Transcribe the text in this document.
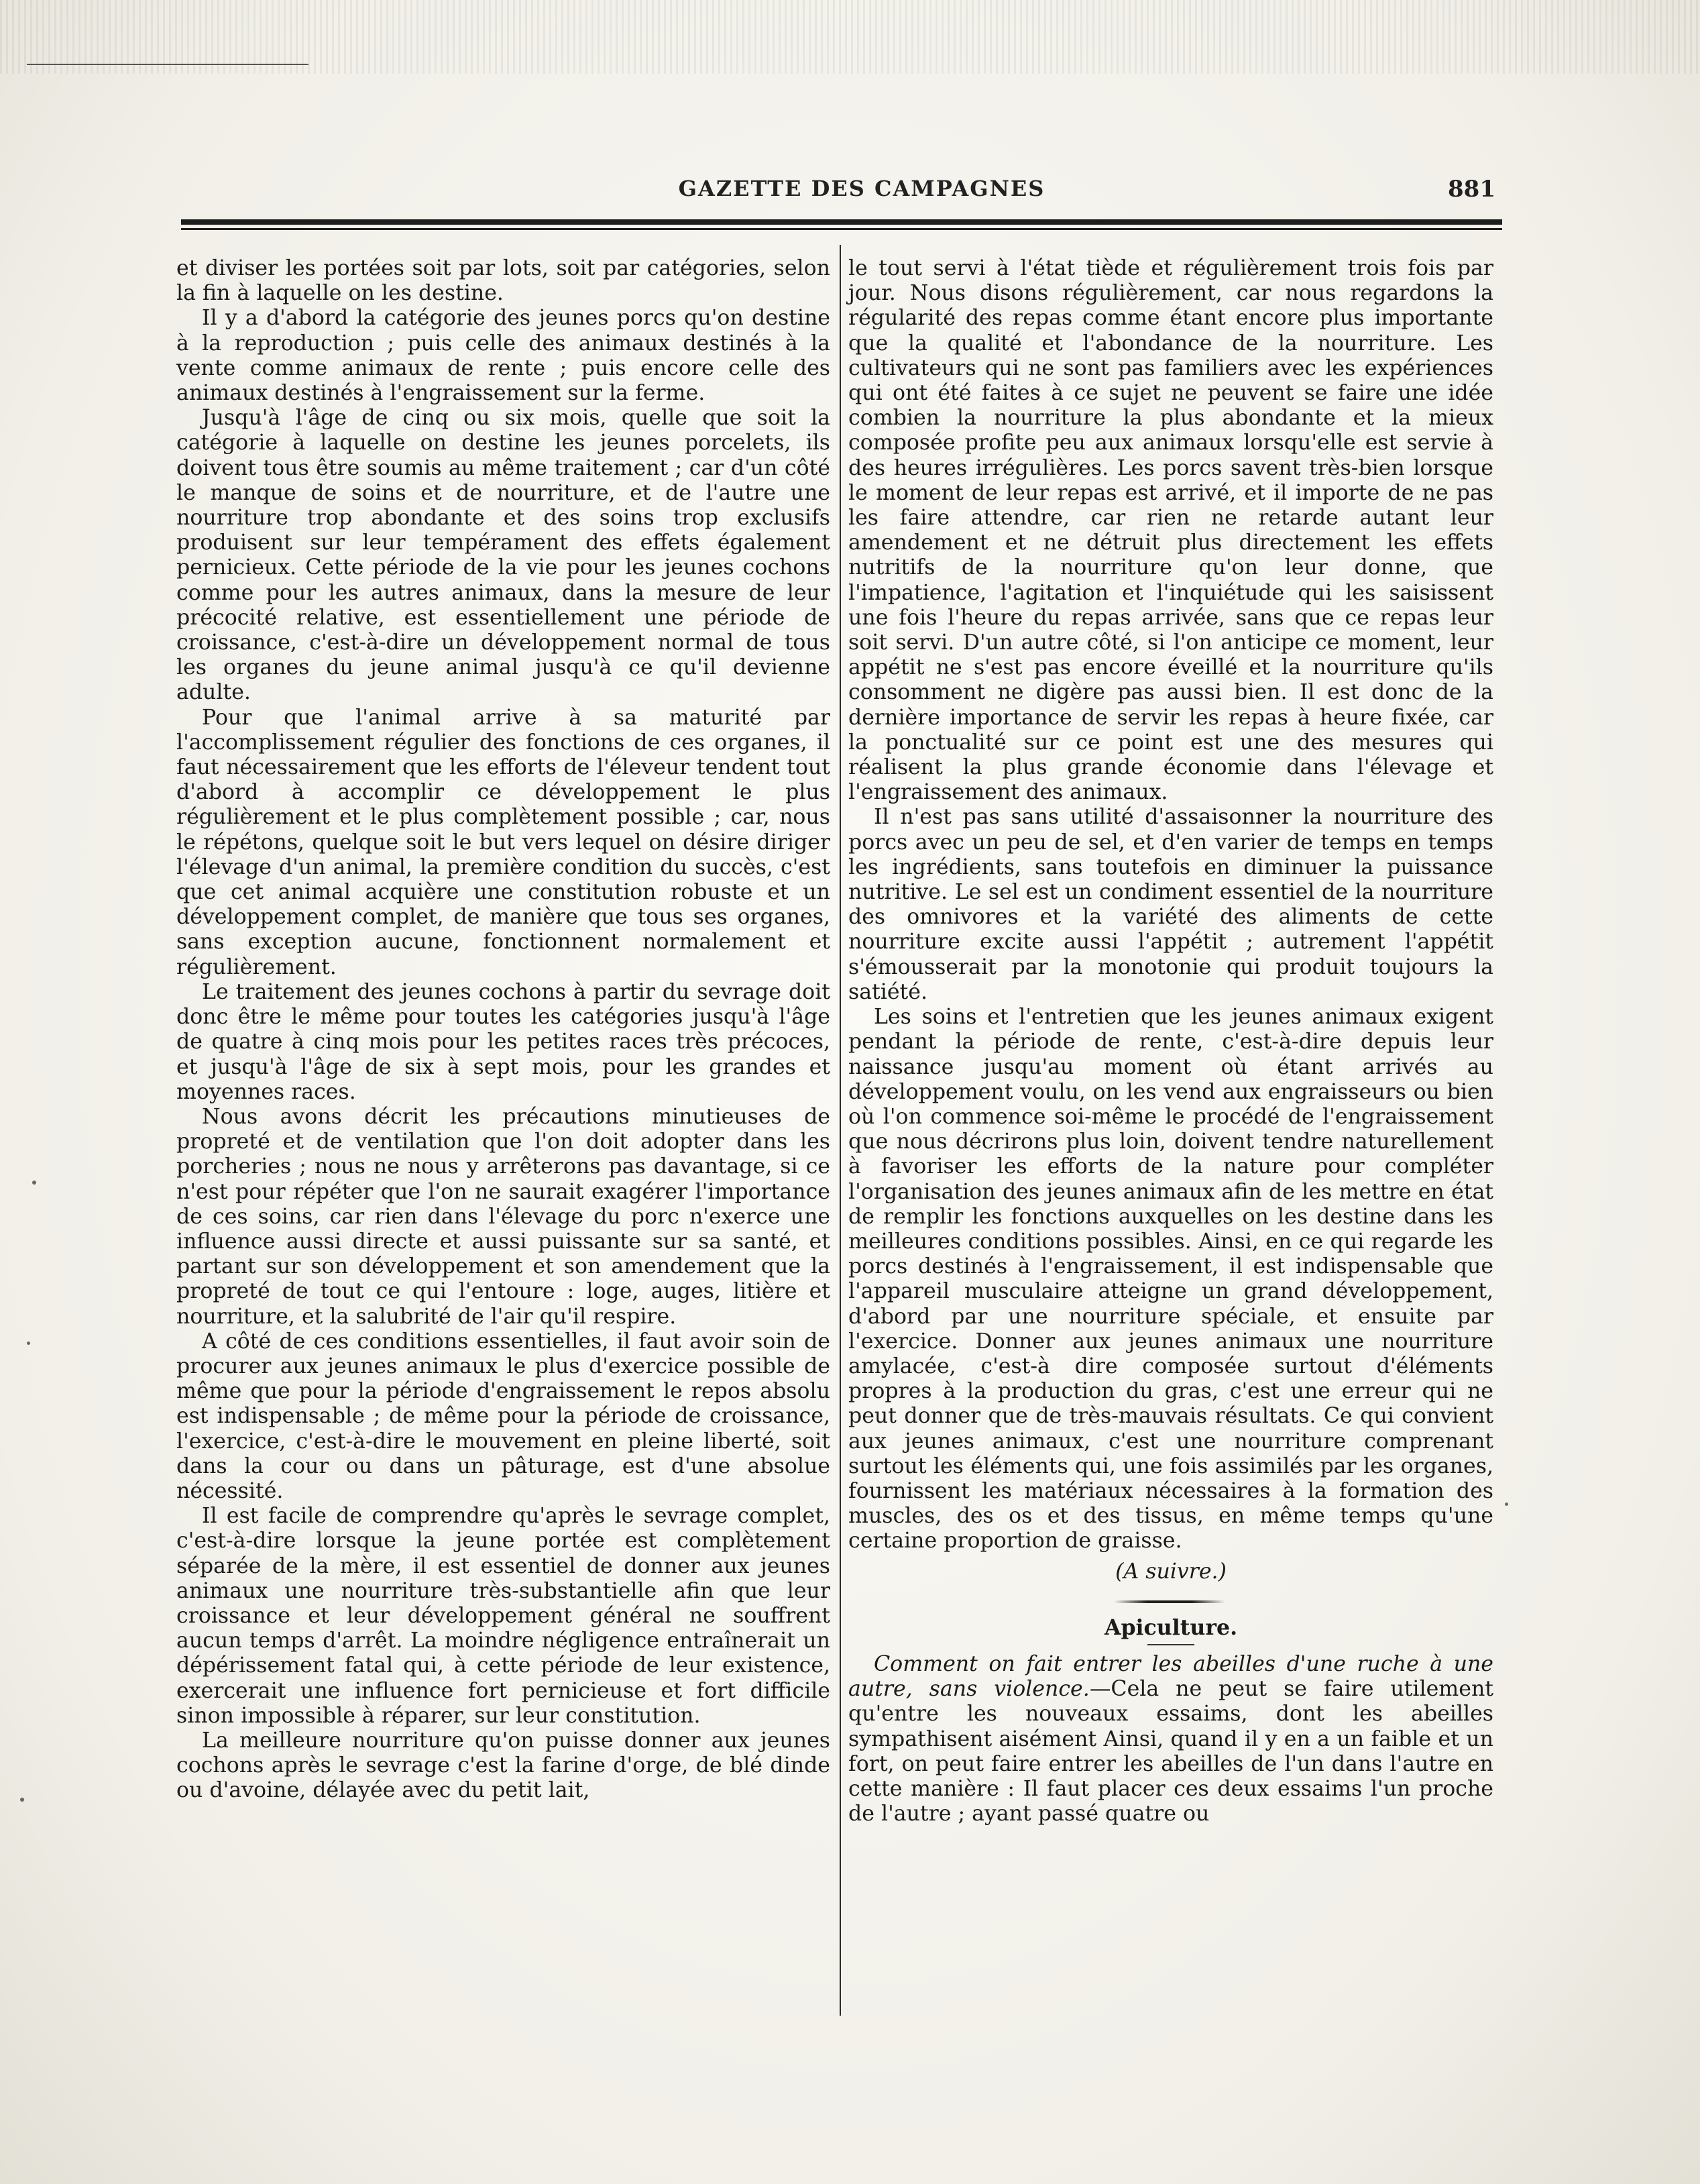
GAZETTE DES CAMPAGNES	881

et diviser les portées soit par lots, soit par catégories, selon la fin à laquelle on les destine.

Il y a d'abord la catégorie des jeunes porcs qu'on destine à la reproduction ; puis celle des animaux destinés à la vente comme animaux de rente ; puis encore celle des animaux destinés à l'engraissement sur la ferme.

Jusqu'à l'âge de cinq ou six mois, quelle que soit la catégorie à laquelle on destine les jeunes porcelets, ils doivent tous être soumis au même traitement ; car d'un côté le manque de soins et de nourriture, et de l'autre une nourriture trop abondante et des soins trop exclusifs produisent sur leur tempérament des effets également pernicieux. Cette période de la vie pour les jeunes cochons comme pour les autres animaux, dans la mesure de leur précocité relative, est essentiellement une période de croissance, c'est-à-dire un développement normal de tous les organes du jeune animal jusqu'à ce qu'il devienne adulte.

Pour que l'animal arrive à sa maturité par l'accomplissement régulier des fonctions de ces organes, il faut nécessairement que les efforts de l'éleveur tendent tout d'abord à accomplir ce développement le plus régulièrement et le plus complètement possible ; car, nous le répétons, quelque soit le but vers lequel on désire diriger l'élevage d'un animal, la première condition du succès, c'est que cet animal acquière une constitution robuste et un développement complet, de manière que tous ses organes, sans exception aucune, fonctionnent normalement et régulièrement.

Le traitement des jeunes cochons à partir du sevrage doit donc être le même pour toutes les catégories jusqu'à l'âge de quatre à cinq mois pour les petites races très précoces, et jusqu'à l'âge de six à sept mois, pour les grandes et moyennes races.

Nous avons décrit les précautions minutieuses de propreté et de ventilation que l'on doit adopter dans les porcheries ; nous ne nous y arrêterons pas davantage, si ce n'est pour répéter que l'on ne saurait exagérer l'importance de ces soins, car rien dans l'élevage du porc n'exerce une influence aussi directe et aussi puissante sur sa santé, et partant sur son développement et son amendement que la propreté de tout ce qui l'entoure : loge, auges, litière et nourriture, et la salubrité de l'air qu'il respire.

A côté de ces conditions essentielles, il faut avoir soin de procurer aux jeunes animaux le plus d'exercice possible de même que pour la période d'engraissement le repos absolu est indispensable ; de même pour la période de croissance, l'exercice, c'est-à-dire le mouvement en pleine liberté, soit dans la cour ou dans un pâturage, est d'une absolue nécessité.

Il est facile de comprendre qu'après le sevrage complet, c'est-à-dire lorsque la jeune portée est complètement séparée de la mère, il est essentiel de donner aux jeunes animaux une nourriture très-substantielle afin que leur croissance et leur développement général ne souffrent aucun temps d'arrêt. La moindre négligence entraînerait un dépérissement fatal qui, à cette période de leur existence, exercerait une influence fort pernicieuse et fort difficile sinon impossible à réparer, sur leur constitution.

La meilleure nourriture qu'on puisse donner aux jeunes cochons après le sevrage c'est la farine d'orge, de blé dinde ou d'avoine, délayée avec du petit lait,

le tout servi à l'état tiède et régulièrement trois fois par jour. Nous disons régulièrement, car nous regardons la régularité des repas comme étant encore plus importante que la qualité et l'abondance de la nourriture. Les cultivateurs qui ne sont pas familiers avec les expériences qui ont été faites à ce sujet ne peuvent se faire une idée combien la nourriture la plus abondante et la mieux composée profite peu aux animaux lorsqu'elle est servie à des heures irrégulières. Les porcs savent très-bien lorsque le moment de leur repas est arrivé, et il importe de ne pas les faire attendre, car rien ne retarde autant leur amendement et ne détruit plus directement les effets nutritifs de la nourriture qu'on leur donne, que l'impatience, l'agitation et l'inquiétude qui les saisissent une fois l'heure du repas arrivée, sans que ce repas leur soit servi. D'un autre côté, si l'on anticipe ce moment, leur appétit ne s'est pas encore éveillé et la nourriture qu'ils consomment ne digère pas aussi bien. Il est donc de la dernière importance de servir les repas à heure fixée, car la ponctualité sur ce point est une des mesures qui réalisent la plus grande économie dans l'élevage et l'engraissement des animaux.

Il n'est pas sans utilité d'assaisonner la nourriture des porcs avec un peu de sel, et d'en varier de temps en temps les ingrédients, sans toutefois en diminuer la puissance nutritive. Le sel est un condiment essentiel de la nourriture des omnivores et la variété des aliments de cette nourriture excite aussi l'appétit ; autrement l'appétit s'émousserait par la monotonie qui produit toujours la satiété.

Les soins et l'entretien que les jeunes animaux exigent pendant la période de rente, c'est-à-dire depuis leur naissance jusqu'au moment où étant arrivés au développement voulu, on les vend aux engraisseurs ou bien où l'on commence soi-même le procédé de l'engraissement que nous décrirons plus loin, doivent tendre naturellement à favoriser les efforts de la nature pour compléter l'organisation des jeunes animaux afin de les mettre en état de remplir les fonctions auxquelles on les destine dans les meilleures conditions possibles. Ainsi, en ce qui regarde les porcs destinés à l'engraissement, il est indispensable que l'appareil musculaire atteigne un grand développement, d'abord par une nourriture spéciale, et ensuite par l'exercice. Donner aux jeunes animaux une nourriture amylacée, c'est-à dire composée surtout d'éléments propres à la production du gras, c'est une erreur qui ne peut donner que de très-mauvais résultats. Ce qui convient aux jeunes animaux, c'est une nourriture comprenant surtout les éléments qui, une fois assimilés par les organes, fournissent les matériaux nécessaires à la formation des muscles, des os et des tissus, en même temps qu'une certaine proportion de graisse.

(A suivre.)

Apiculture.

Comment on fait entrer les abeilles d'une ruche à une autre, sans violence.—Cela ne peut se faire utilement qu'entre les nouveaux essaims, dont les abeilles sympathisent aisément Ainsi, quand il y en a un faible et un fort, on peut faire entrer les abeilles de l'un dans l'autre en cette manière : Il faut placer ces deux essaims l'un proche de l'autre ; ayant passé quatre ou
